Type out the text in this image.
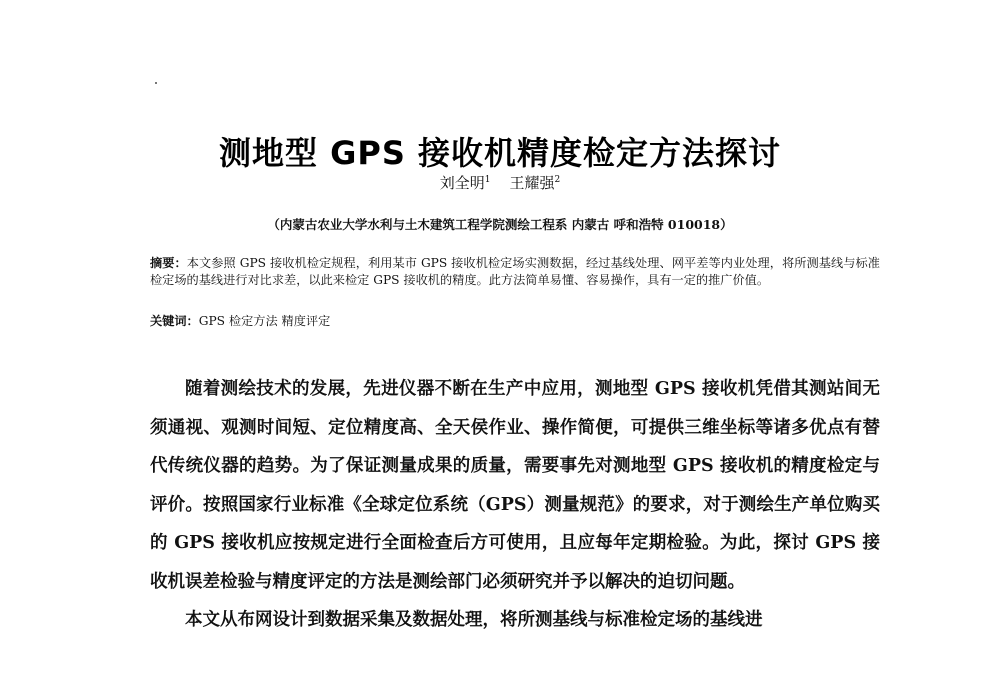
测地型 GPS 接收机精度检定方法探讨
刘全明$^1$ 王耀强$^2$
（内蒙古农业大学水利与土木建筑工程学院测绘工程系 内蒙古 呼和浩特 010018）
摘要：本文参照 GPS 接收机检定规程，利用某市 GPS 接收机检定场实测数据，经过基线处理、网平差等内业处理，将所测基线与标准检定场的基线进行对比求差，以此来检定 GPS 接收机的精度。此方法简单易懂、容易操作，具有一定的推广价值。
关键词：GPS 检定方法 精度评定

随着测绘技术的发展，先进仪器不断在生产中应用，测地型 GPS 接收机凭借其测站间无须通视、观测时间短、定位精度高、全天侯作业、操作简便，可提供三维坐标等诸多优点有替代传统仪器的趋势。为了保证测量成果的质量，需要事先对测地型 GPS 接收机的精度检定与评价。按照国家行业标准《全球定位系统（GPS）测量规范》的要求，对于测绘生产单位购买的 GPS 接收机应按规定进行全面检查后方可使用，且应每年定期检验。为此，探讨 GPS 接收机误差检验与精度评定的方法是测绘部门必须研究并予以解决的迫切问题。

本文从布网设计到数据采集及数据处理，将所测基线与标准检定场的基线进
